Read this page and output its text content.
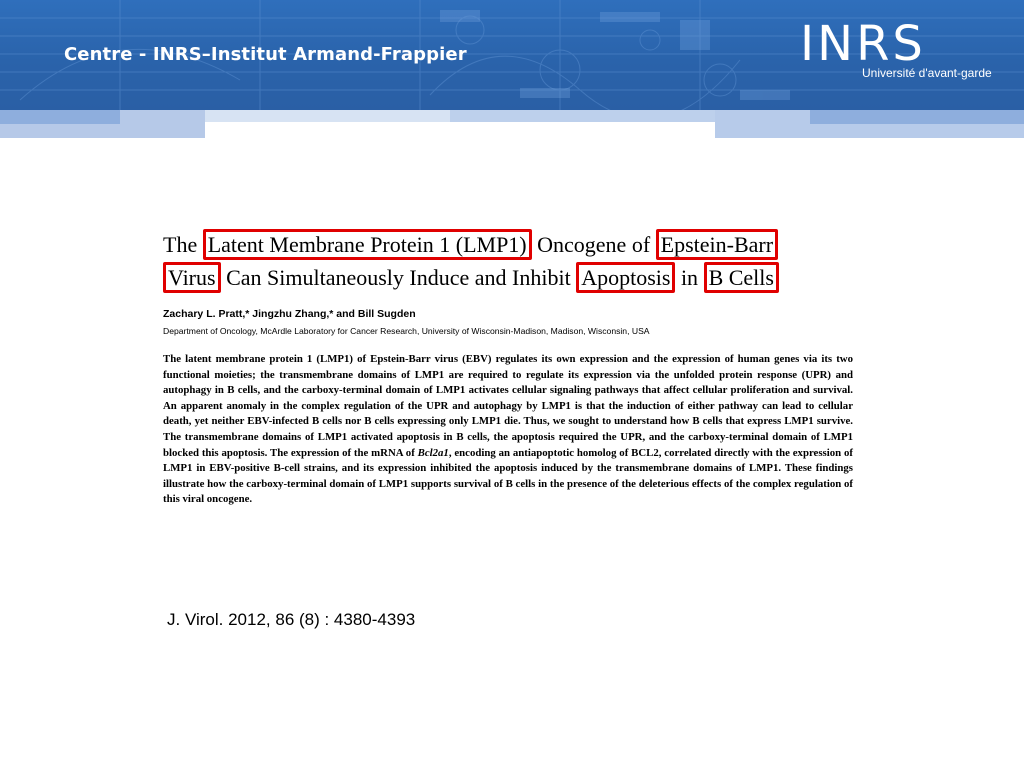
Centre - INRS–Institut Armand-Frappier	INRS
Université d'avant-garde
The Latent Membrane Protein 1 (LMP1) Oncogene of Epstein-Barr
Virus Can Simultaneously Induce and Inhibit Apoptosis in B Cells
Zachary L. Pratt,* Jingzhu Zhang,* and Bill Sugden
Department of Oncology, McArdle Laboratory for Cancer Research, University of Wisconsin-Madison, Madison, Wisconsin, USA
The latent membrane protein 1 (LMP1) of Epstein-Barr virus (EBV) regulates its own expression and the expression of human genes via its two functional moieties; the transmembrane domains of LMP1 are required to regulate its expression via the unfolded protein response (UPR) and autophagy in B cells, and the carboxy-terminal domain of LMP1 activates cellular signaling pathways that affect cellular proliferation and survival. An apparent anomaly in the complex regulation of the UPR and autophagy by LMP1 is that the induction of either pathway can lead to cellular death, yet neither EBV-infected B cells nor B cells expressing only LMP1 die. Thus, we sought to understand how B cells that express LMP1 survive. The transmembrane domains of LMP1 activated apoptosis in B cells, the apoptosis required the UPR, and the carboxy-terminal domain of LMP1 blocked this apoptosis. The expression of the mRNA of Bcl2a1, encoding an antiapoptotic homolog of BCL2, correlated directly with the expression of LMP1 in EBV-positive B-cell strains, and its expression inhibited the apoptosis induced by the transmembrane domains of LMP1. These findings illustrate how the carboxy-terminal domain of LMP1 supports survival of B cells in the presence of the deleterious effects of the complex regulation of this viral oncogene.
J. Virol. 2012, 86 (8) : 4380-4393
